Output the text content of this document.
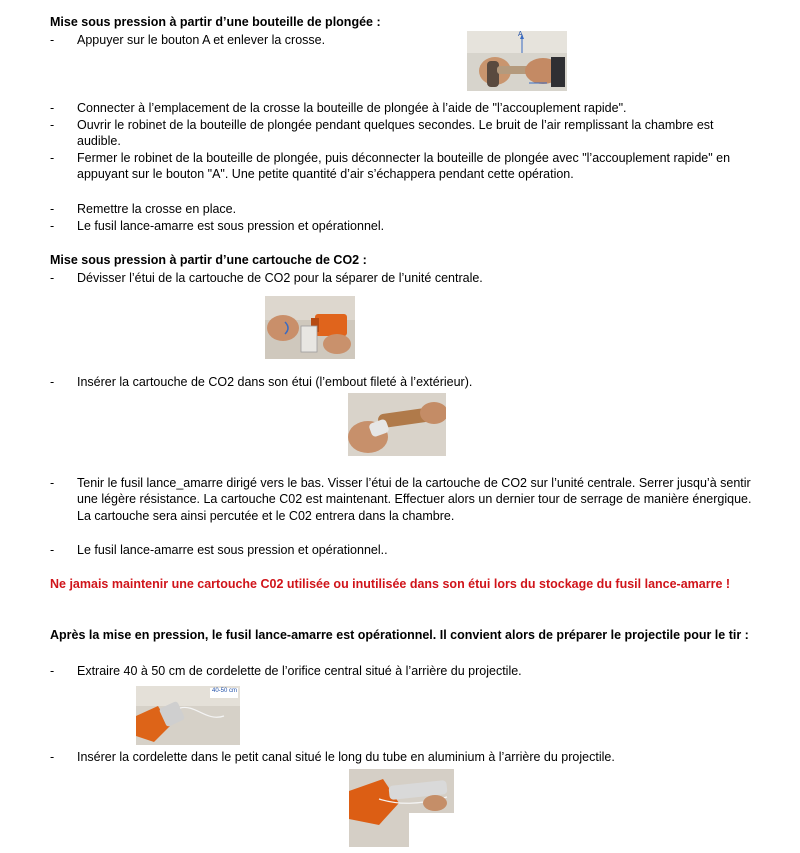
Mise sous pression à partir d’une bouteille de plongée :
- Appuyer sur le bouton A et enlever la crosse.	A
- Connecter à l’emplacement de la crosse la bouteille de plongée à l’aide de "l’accouplement rapide".
- Ouvrir le robinet de la bouteille de plongée pendant quelques secondes. Le bruit de l’air remplissant la chambre est audible.
- Fermer le robinet de la bouteille de plongée, puis déconnecter la bouteille de plongée avec "l’accouplement rapide" en appuyant sur le bouton "A". Une petite quantité d’air s’échappera pendant cette opération.
- Remettre la crosse en place.
- Le fusil lance-amarre est sous pression et opérationnel.
Mise sous pression à partir d’une cartouche de CO2 :
- Dévisser l’étui de la cartouche de CO2 pour la séparer de l’unité centrale.
- Insérer la cartouche de CO2 dans son étui (l’embout fileté à l’extérieur).
- Tenir le fusil lance_amarre dirigé vers le bas. Visser l’étui de la cartouche de CO2 sur l’unité centrale. Serrer jusqu’à sentir une légère résistance. La cartouche C02 est maintenant. Effectuer alors un dernier tour de serrage de manière énergique. La cartouche sera ainsi percutée et le C02 entrera dans la chambre.
- Le fusil lance-amarre est sous pression et opérationnel..
Ne jamais maintenir une cartouche C02 utilisée ou inutilisée dans son étui lors du stockage du fusil lance-amarre !
Après la mise en pression, le fusil lance-amarre est opérationnel. Il convient alors de préparer le projectile pour le tir :
- Extraire 40 à 50 cm de cordelette de l’orifice central situé à l’arrière du projectile.
40-50 cm
- Insérer la cordelette dans le petit canal situé le long du tube en aluminium à l’arrière du projectile.
